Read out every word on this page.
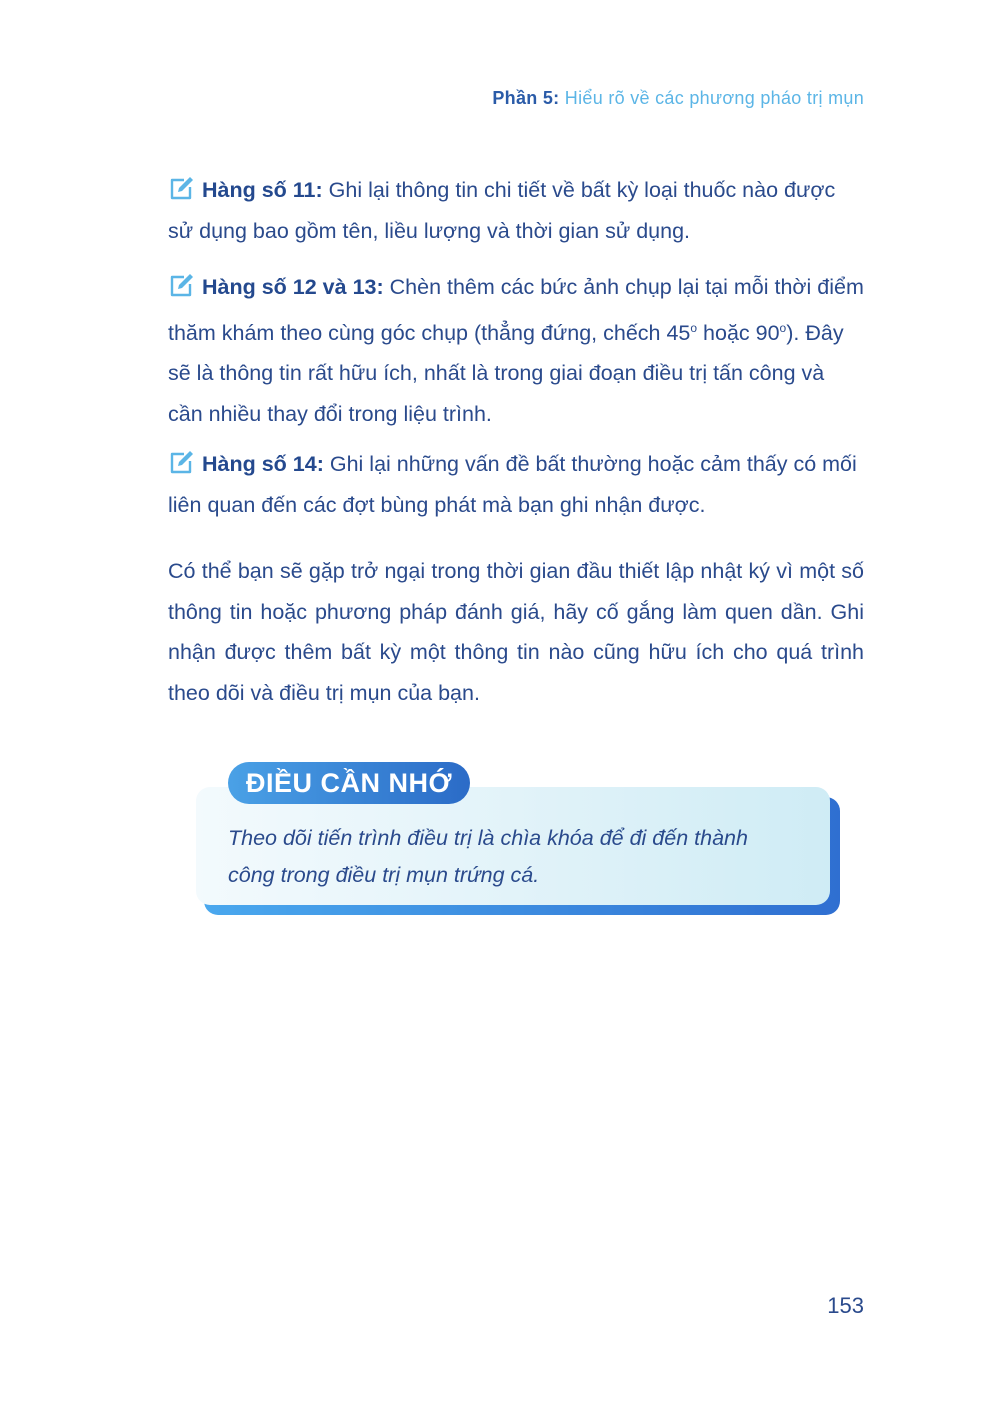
Phần 5: Hiểu rõ về các phương pháo trị mụn
Hàng số 11: Ghi lại thông tin chi tiết về bất kỳ loại thuốc nào được sử dụng bao gồm tên, liều lượng và thời gian sử dụng.
Hàng số 12 và 13: Chèn thêm các bức ảnh chụp lại tại mỗi thời điểm thăm khám theo cùng góc chụp (thẳng đứng, chếch 45$^o$ hoặc 90$^o$). Đây sẽ là thông tin rất hữu ích, nhất là trong giai đoạn điều trị tấn công và cần nhiều thay đổi trong liệu trình.
Hàng số 14: Ghi lại những vấn đề bất thường hoặc cảm thấy có mối liên quan đến các đợt bùng phát mà bạn ghi nhận được.
Có thể bạn sẽ gặp trở ngại trong thời gian đầu thiết lập nhật ký vì một số thông tin hoặc phương pháp đánh giá, hãy cố gắng làm quen dần. Ghi nhận được thêm bất kỳ một thông tin nào cũng hữu ích cho quá trình theo dõi và điều trị mụn của bạn.
Theo dõi tiến trình điều trị là chìa khóa để đi đến thành
công trong điều trị mụn trứng cá.
ĐIỀU CẦN NHỚ
153
